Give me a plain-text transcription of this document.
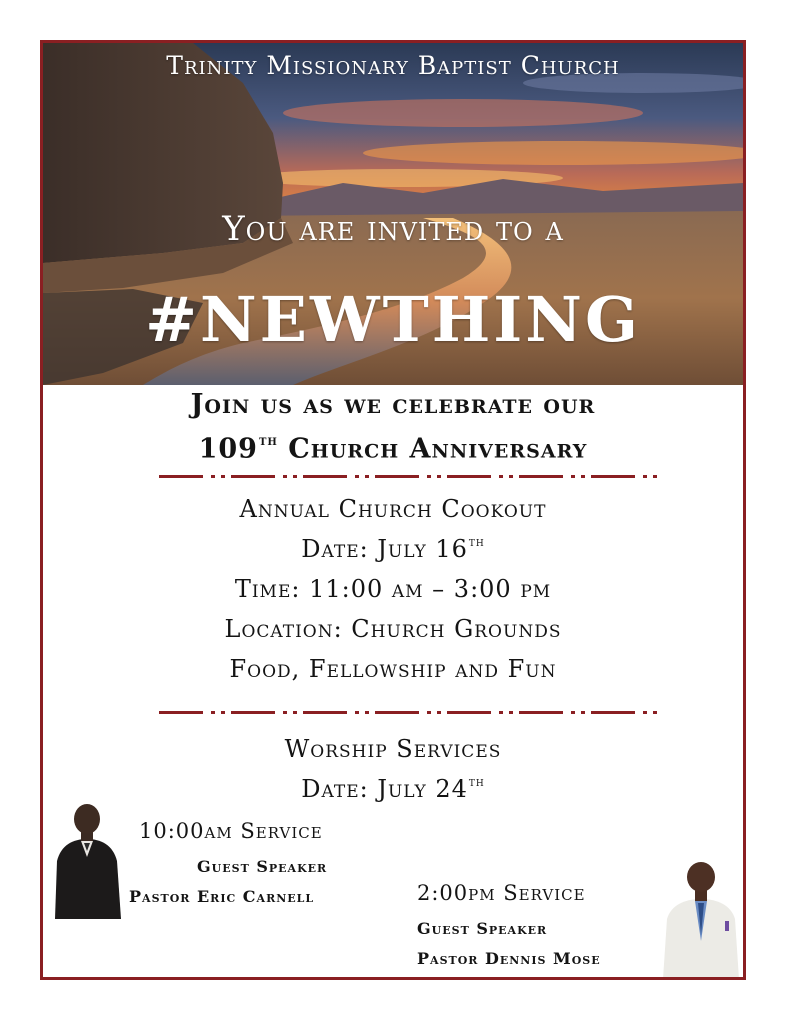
Trinity Missionary Baptist Church
You are invited to a
#NEWTHING
Join us as we celebrate our
109th Church Anniversary
Annual Church Cookout
Date: July 16th
Time: 11:00 am – 3:00 pm
Location: Church Grounds
Food, Fellowship and Fun
Worship Services
Date: July 24th
10:00am Service
Guest Speaker
Pastor Eric Carnell	2:00pm Service
Guest Speaker
Pastor Dennis Mose
